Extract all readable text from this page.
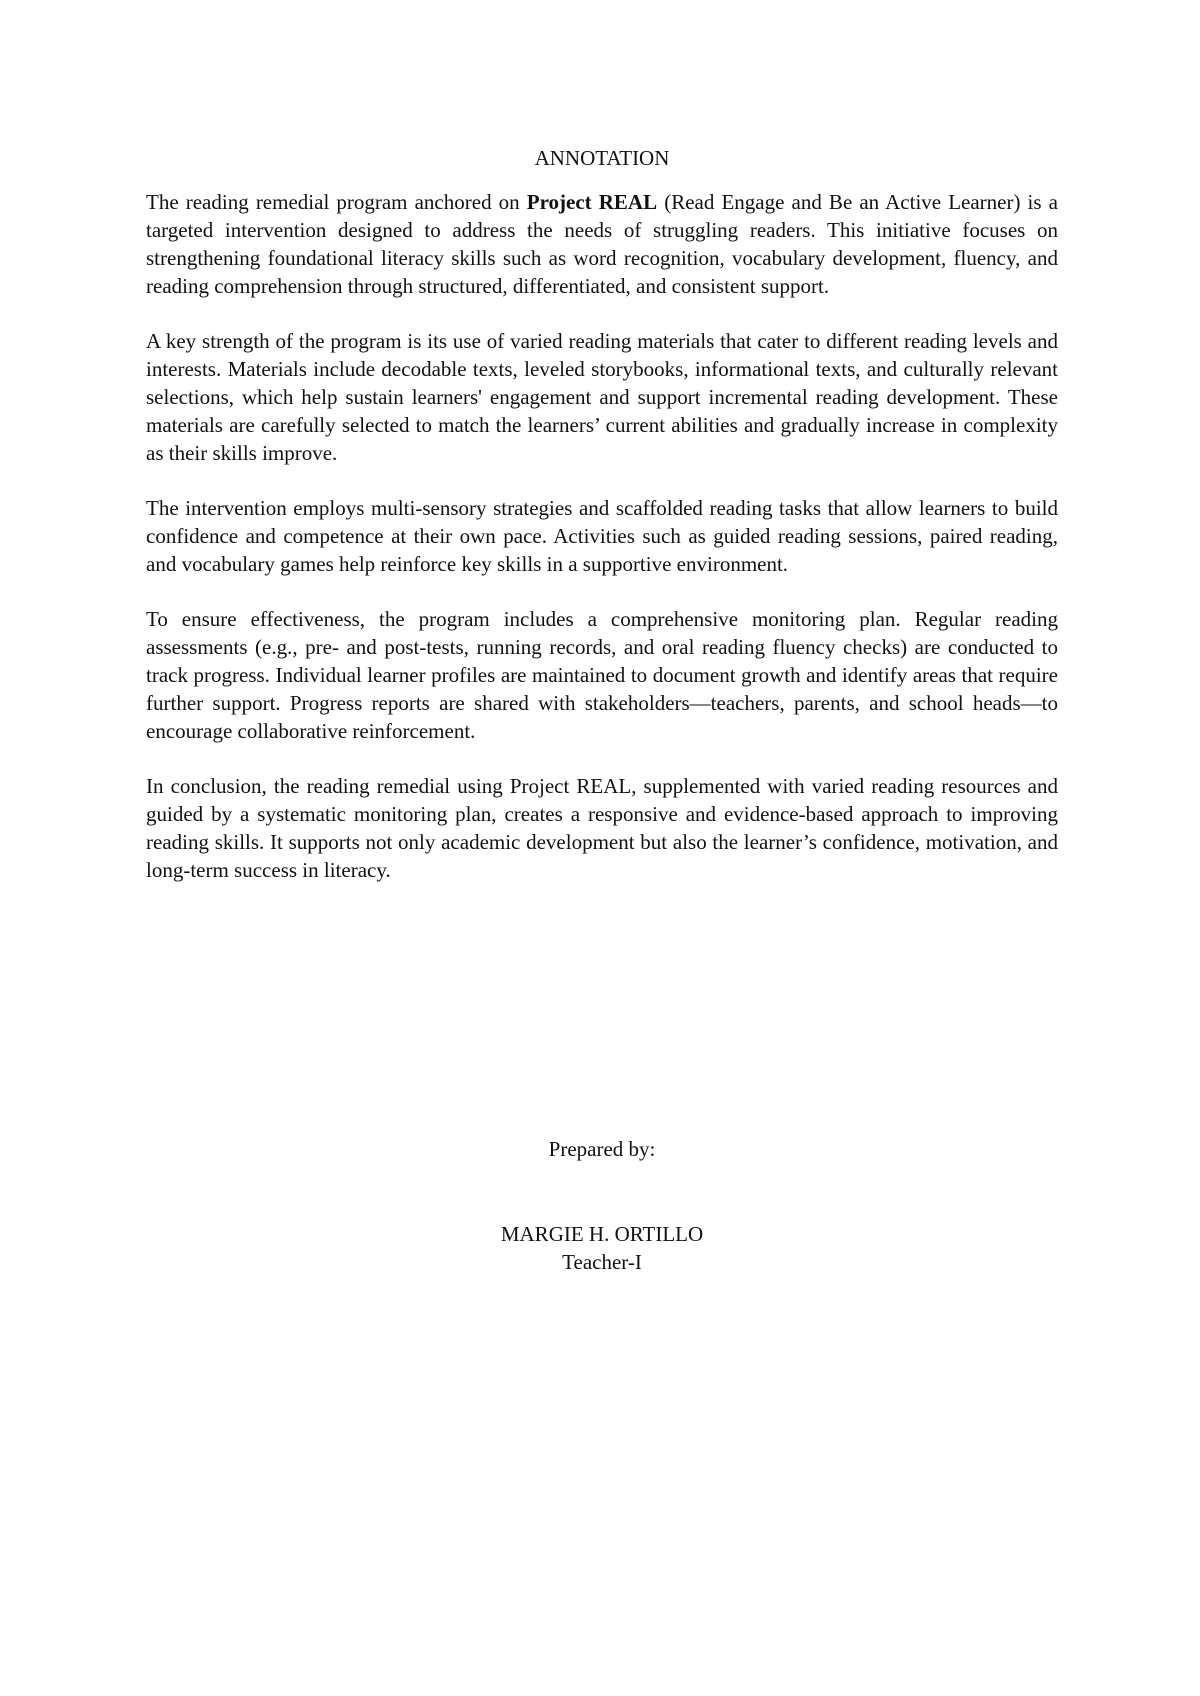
ANNOTATION

The reading remedial program anchored on Project REAL (Read Engage and Be an Active Learner) is a targeted intervention designed to address the needs of struggling readers. This initiative focuses on strengthening foundational literacy skills such as word recognition, vocabulary development, fluency, and reading comprehension through structured, differentiated, and consistent support.

A key strength of the program is its use of varied reading materials that cater to different reading levels and interests. Materials include decodable texts, leveled storybooks, informational texts, and culturally relevant selections, which help sustain learners' engagement and support incremental reading development. These materials are carefully selected to match the learners’ current abilities and gradually increase in complexity as their skills improve.

The intervention employs multi-sensory strategies and scaffolded reading tasks that allow learners to build confidence and competence at their own pace. Activities such as guided reading sessions, paired reading, and vocabulary games help reinforce key skills in a supportive environment.

To ensure effectiveness, the program includes a comprehensive monitoring plan. Regular reading assessments (e.g., pre- and post-tests, running records, and oral reading fluency checks) are conducted to track progress. Individual learner profiles are maintained to document growth and identify areas that require further support. Progress reports are shared with stakeholders—teachers, parents, and school heads—to encourage collaborative reinforcement.

In conclusion, the reading remedial using Project REAL, supplemented with varied reading resources and guided by a systematic monitoring plan, creates a responsive and evidence-based approach to improving reading skills. It supports not only academic development but also the learner’s confidence, motivation, and long-term success in literacy.

Prepared by:
MARGIE H. ORTILLO
Teacher-I
